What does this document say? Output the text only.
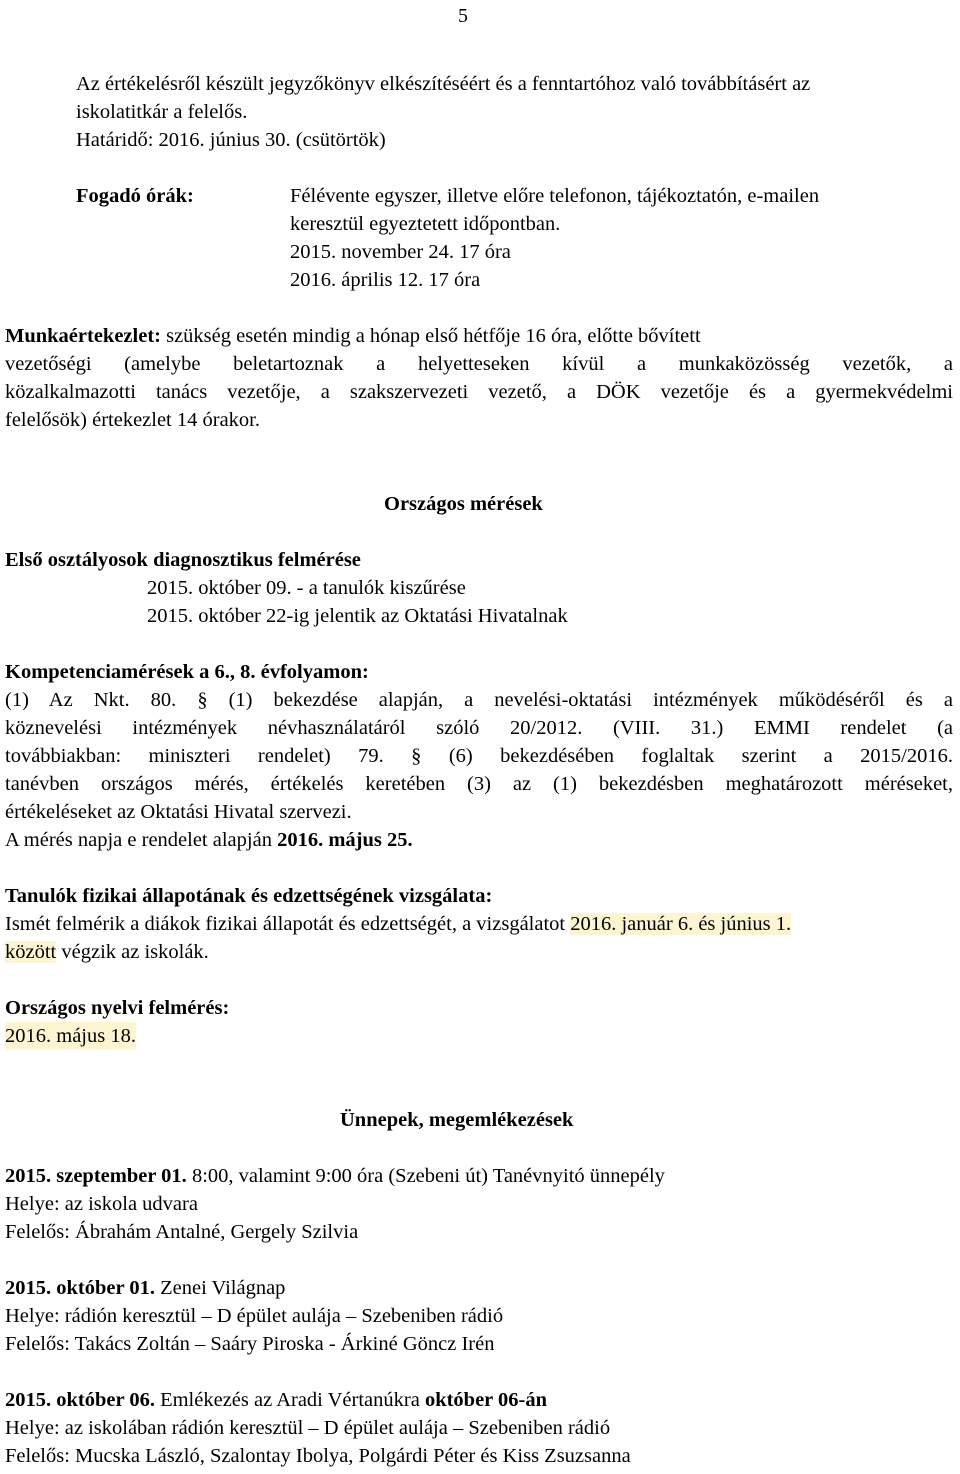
5
Az értékelésről készült jegyzőkönyv elkészítéséért és a fenntartóhoz való továbbításért az
iskolatitkár a felelős.
Határidő: 2016. június 30. (csütörtök)
Fogadó órák:	Félévente egyszer, illetve előre telefonon, tájékoztatón, e-mailen
keresztül egyeztetett időpontban.
2015. november 24. 17 óra
2016. április 12. 17 óra
Munkaértekezlet: szükség esetén mindig a hónap első hétfője 16 óra, előtte bővített
vezetőségi (amelybe beletartoznak a helyetteseken kívül a munkaközösség vezetők, a
közalkalmazotti tanács vezetője, a szakszervezeti vezető, a DÖK vezetője és a gyermekvédelmi
felelősök) értekezlet 14 órakor.
Országos mérések
Első osztályosok diagnosztikus felmérése
2015. október 09. - a tanulók kiszűrése
2015. október 22-ig jelentik az Oktatási Hivatalnak
Kompetenciamérések a 6., 8. évfolyamon:
(1) Az Nkt. 80. § (1) bekezdése alapján, a nevelési-oktatási intézmények működéséről és a
köznevelési intézmények névhasználatáról szóló 20/2012. (VIII. 31.) EMMI rendelet (a
továbbiakban: miniszteri rendelet) 79. § (6) bekezdésében foglaltak szerint a 2015/2016.
tanévben országos mérés, értékelés keretében (3) az (1) bekezdésben meghatározott méréseket,
értékeléseket az Oktatási Hivatal szervezi.
A mérés napja e rendelet alapján 2016. május 25.
Tanulók fizikai állapotának és edzettségének vizsgálata:
Ismét felmérik a diákok fizikai állapotát és edzettségét, a vizsgálatot 2016. január 6. és június 1.
között végzik az iskolák.
Országos nyelvi felmérés:
2016. május 18.
Ünnepek, megemlékezések
2015. szeptember 01. 8:00, valamint 9:00 óra (Szebeni út) Tanévnyitó ünnepély
Helye: az iskola udvara
Felelős: Ábrahám Antalné, Gergely Szilvia
2015. október 01. Zenei Világnap
Helye: rádión keresztül – D épület aulája – Szebeniben rádió
Felelős: Takács Zoltán – Saáry Piroska - Árkiné Göncz Irén
2015. október 06. Emlékezés az Aradi Vértanúkra október 06-án
Helye: az iskolában rádión keresztül – D épület aulája – Szebeniben rádió
Felelős: Mucska László, Szalontay Ibolya, Polgárdi Péter és Kiss Zsuzsanna
